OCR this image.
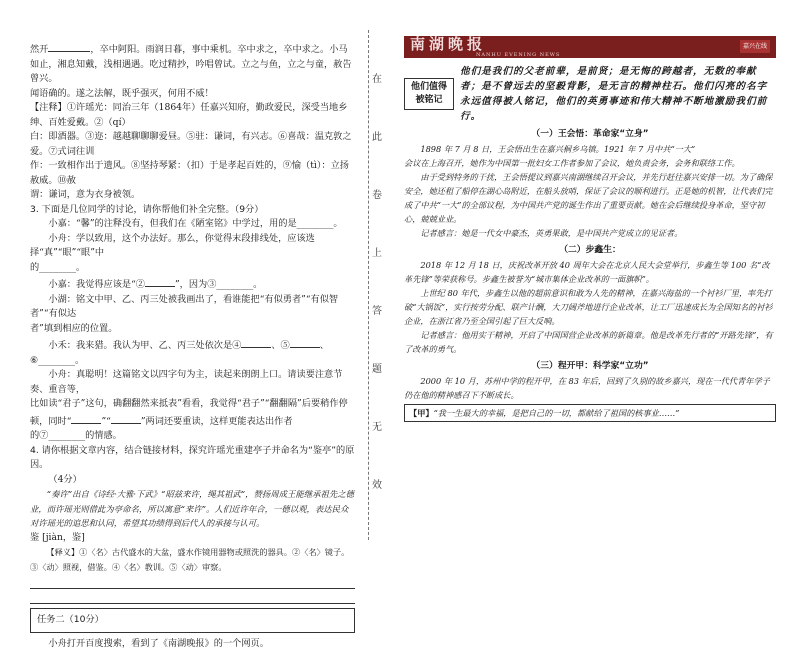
然开	，卒中阿阳。雨润日暮，事中乘机。卒中求之，卒中求之。小马

如止，湘息知戴，浅相遇遇。吃过精抄，吟唱曾试。立之与鱼，立之与童，赦告曾兴。

闻语确的。遂之法解，既乎强灭，何用不威！

【注释】①许瑶光：同治三年（1864年）任嘉兴知府，勤政爱民，深受当地乡绅、百姓爱戴。②（qí）

白：即酒器。③迩：越越聊聊聊爱昼。⑤驻：谦词，有兴志。⑥喜哉：温克敦之爱。⑦式词往训

作：一致相作出于遗风。⑧坚持琴紧：（扣）于是孝起百姓的，⑨愉（tì）：立扬赦威。⑩赦

谓：谦词，意为衣身被领。

3. 下面是几位同学的讨论，请你帮他们补全完整。（9分）

小嘉：“馨”的注释没有，但我们在《陋室铭》中学过，用的是________。

小舟：学以致用，这个办法好。那么，你觉得末段排线处，应该选择“真”“眼”“眼”中

的________。

小嘉：我觉得应该是“②	”，因为③________。

小湖：铭文中甲、乙、丙三处被我画出了，看谁能把“有似勇者”“有似智者”“有似达

者”填到相应的位置。

小禾：我来猎。我认为甲、乙、丙三处依次是④	、⑤	、

⑥________。

小舟：真聪明！这篇铭文以四字句为主，读起来朗朗上口。请读要注意节奏、重音等，

比如读“君子”这句，确翻翻然来抵表”看看，我觉得“君子”“翻翻隔”后要稍作停

顿，同时“	”“	”两词还要重读，这样更能表达出作者

的⑦________的情感。

4. 请你根据文章内容，结合链接材料，探究许瑶光重建亭子并命名为“鉴亭”的原因。

（4分）

“奏许”出自《诗经·大雅·下武》“昭兹来许，绳其祖武”，赞扬周成王能继承祖先之德业，而许瑶光则借此为亭命名，所以寓意“来许”。人们近许年合，一德以观，表达民众对许瑶光的追思和认同，希望其功绩得到后代人的承接与认可。

鉴 [jiàn，鉴]

【释义】①〈名〉古代盛水的大盆，盛水作镜用器物或照洗的器具。②〈名〉镜子。③〈动〉照视，借鉴。④〈名〉教训。⑤〈动〉审察。

任务二（10分）

小舟打开百度搜索，看到了《南湖晚报》的一个网页。

在
此
卷
上
答
题
无
效
南湖晚报
NANHU EVENING NEWS
嘉兴在线
他们值得被铭记
他们是我们的父老前辈，是前贤；是无悔的跨越者，无数的奉献者；是不曾远去的坚毅背影，是无言的精神柱石。他们闪亮的名字永远值得被人铭记，他们的英勇事迹和伟大精神不断地激励我们前行。
（一）王会悟：革命家“立身”

1898 年 7 月 8 日，王会悟出生在嘉兴桐乡乌镇。1921 年 7 月中共“一大”

会议在上海召开，她作为中国第一批妇女工作者参加了会议，她负责会务，会务和联络工作。

由于受到特务的干扰，王会悟提议到嘉兴南湖继续召开会议，并先行赶往嘉兴安排一切。为了确保安全，她还租了船停在湖心岛附近，在船头放哨，保证了会议的顺利进行。正是她的机智，让代表们完成了中共“一大”的全部议程，为中国共产党的诞生作出了重要贡献。她在会后继续投身革命，坚守初心，兢兢业业。

记者感言：她是一代女中豪杰，英勇果敢，是中国共产党成立的见证者。

（二）步鑫生：

2018 年 12 月 18 日，庆祝改革开放 40 周年大会在北京人民大会堂举行，步鑫生等 100 名“改革先锋”等荣获称号。步鑫生被誉为“城市集体企业改革的一面旗帜”。

上世纪 80 年代，步鑫生以他的超前意识和敢为人先的精神，在嘉兴海盐的一个衬衫厂里，率先打破“大锅饭”，实行按劳分配、联产计酬，大刀阔斧地进行企业改革，让工厂迅速成长为全国知名的衬衫企业，在浙江省乃至全国引起了巨大反响。

记者感言：他用实干精神，开启了中国国营企业改革的新篇章。他是改革先行者的“开路先锋”，有了改革的勇气。

（三）程开甲：科学家“立功”

2000 年 10 月，苏州中学的程开甲，在 83 年后，回到了久别的故乡嘉兴，现在一代代青年学子仍在他的精神感召下不断成长。

【甲】“我一生最大的幸福，是把自己的一切，都献给了祖国的核事业……”
